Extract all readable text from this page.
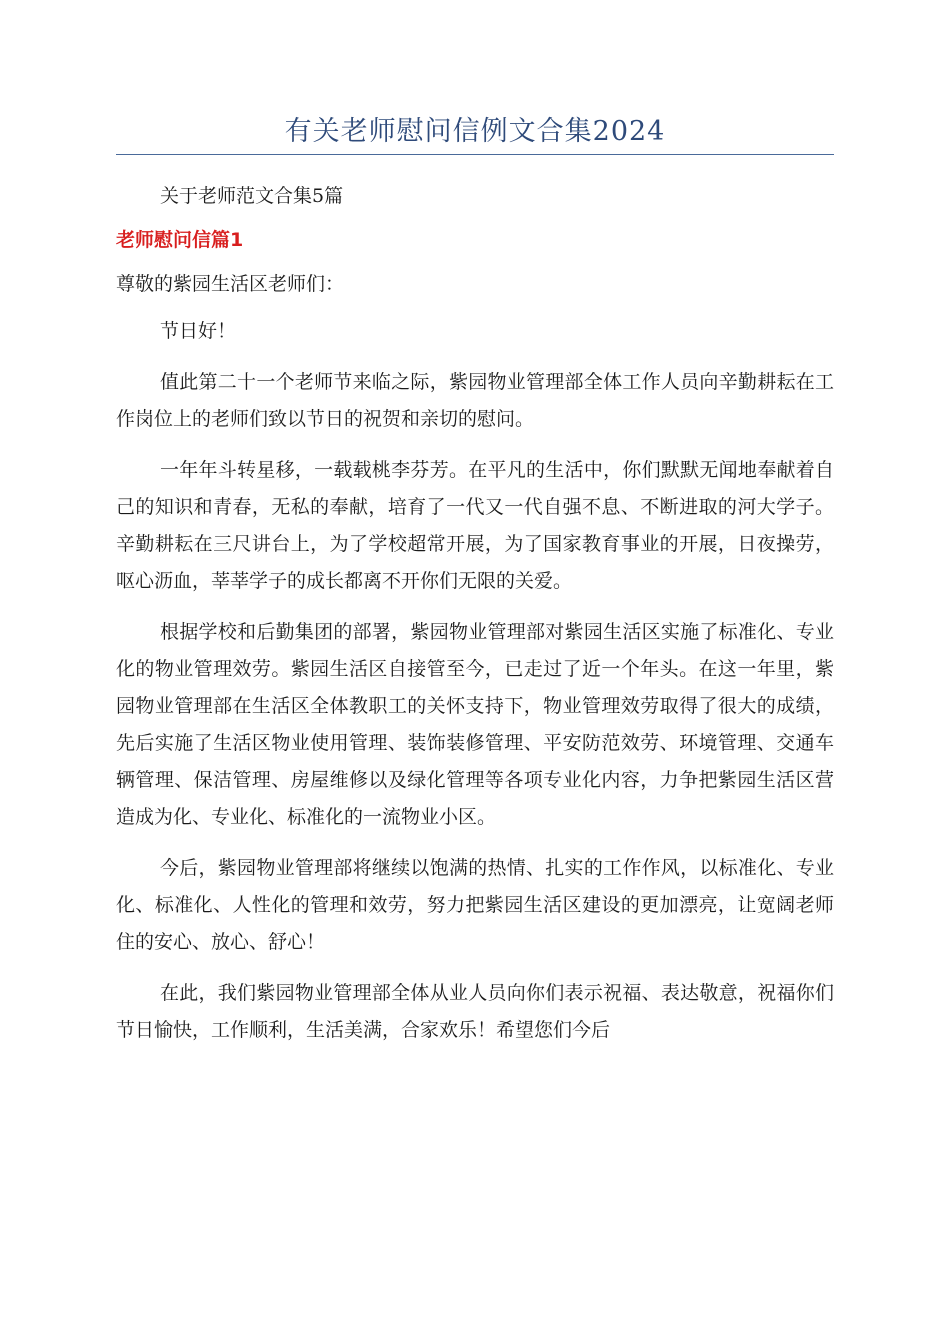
有关老师慰问信例文合集2024

关于老师范文合集5篇

老师慰问信篇1

尊敬的紫园生活区老师们：

节日好！

值此第二十一个老师节来临之际，紫园物业管理部全体工作人员向辛勤耕耘在工作岗位上的老师们致以节日的祝贺和亲切的慰问。

一年年斗转星移，一载载桃李芬芳。在平凡的生活中，你们默默无闻地奉献着自己的知识和青春，无私的奉献，培育了一代又一代自强不息、不断进取的河大学子。辛勤耕耘在三尺讲台上，为了学校超常开展，为了国家教育事业的开展，日夜操劳，呕心沥血，莘莘学子的成长都离不开你们无限的关爱。

根据学校和后勤集团的部署，紫园物业管理部对紫园生活区实施了标准化、专业化的物业管理效劳。紫园生活区自接管至今，已走过了近一个年头。在这一年里，紫园物业管理部在生活区全体教职工的关怀支持下，物业管理效劳取得了很大的成绩，先后实施了生活区物业使用管理、装饰装修管理、平安防范效劳、环境管理、交通车辆管理、保洁管理、房屋维修以及绿化管理等各项专业化内容，力争把紫园生活区营造成为化、专业化、标准化的一流物业小区。

今后，紫园物业管理部将继续以饱满的热情、扎实的工作作风，以标准化、专业化、标准化、人性化的管理和效劳，努力把紫园生活区建设的更加漂亮，让宽阔老师住的安心、放心、舒心！

在此，我们紫园物业管理部全体从业人员向你们表示祝福、表达敬意，祝福你们节日愉快，工作顺利，生活美满，合家欢乐！希望您们今后
